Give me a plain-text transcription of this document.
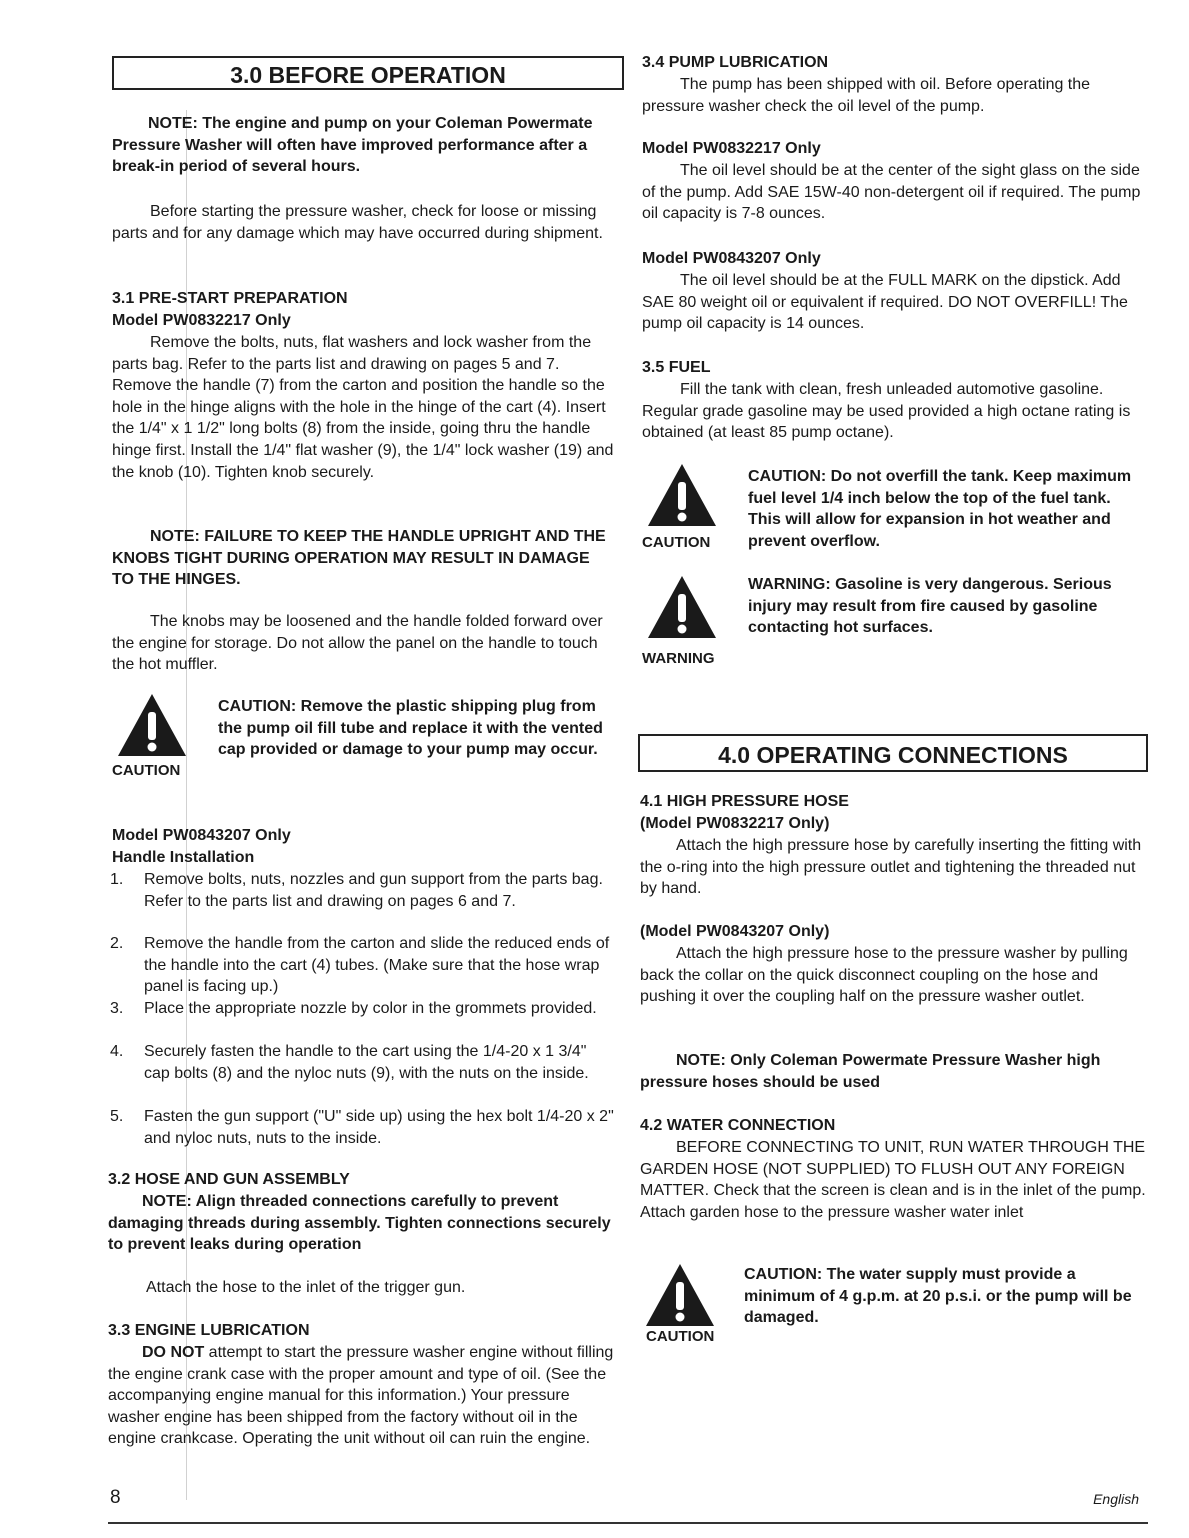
3.0 BEFORE OPERATION

NOTE: The engine and pump on your Coleman Powermate Pressure Washer will often have improved performance after a break-in period of several hours.

Before starting the pressure washer, check for loose or missing parts and for any damage which may have occurred during shipment.

3.1 PRE-START PREPARATION

Model PW0832217 Only

Remove the bolts, nuts, flat washers and lock washer from the parts bag. Refer to the parts list and drawing on pages 5 and 7. Remove the handle (7) from the carton and position the handle so the hole in the hinge aligns with the hole in the hinge of the cart (4). Insert the 1/4" x 1 1/2" long bolts (8) from the inside, going thru the handle hinge first. Install the 1/4" flat washer (9), the 1/4" lock washer (19) and the knob (10). Tighten knob securely.

NOTE: FAILURE TO KEEP THE HANDLE UPRIGHT AND THE KNOBS TIGHT DURING OPERATION MAY RESULT IN DAMAGE TO THE HINGES.

The knobs may be loosened and the handle folded forward over the engine for storage. Do not allow the panel on the handle to touch the hot muffler.

CAUTION
CAUTION: Remove the plastic shipping plug from the pump oil fill tube and replace it with the vented cap provided or damage to your pump may occur.

Model PW0843207 Only

Handle Installation

1. Remove bolts, nuts, nozzles and gun support from the parts bag. Refer to the parts list and drawing on pages 6 and 7.
2. Remove the handle from the carton and slide the reduced ends of the handle into the cart (4) tubes. (Make sure that the hose wrap panel is facing up.)
3. Place the appropriate nozzle by color in the grommets provided.
4. Securely fasten the handle to the cart using the 1/4-20 x 1 3/4" cap bolts (8) and the nyloc nuts (9), with the nuts on the inside.
5. Fasten the gun support ("U" side up) using the hex bolt 1/4-20 x 2" and nyloc nuts, nuts to the inside.

3.2 HOSE AND GUN ASSEMBLY

NOTE: Align threaded connections carefully to prevent damaging threads during assembly. Tighten connections securely to prevent leaks during operation

Attach the hose to the inlet of the trigger gun.

3.3 ENGINE LUBRICATION

DO NOT attempt to start the pressure washer engine without filling the engine crank case with the proper amount and type of oil. (See the accompanying engine manual for this information.) Your pressure washer engine has been shipped from the factory without oil in the engine crankcase. Operating the unit without oil can ruin the engine.

3.4 PUMP LUBRICATION

The pump has been shipped with oil. Before operating the pressure washer check the oil level of the pump.

Model PW0832217 Only

The oil level should be at the center of the sight glass on the side of the pump. Add SAE 15W-40 non-detergent oil if required. The pump oil capacity is 7-8 ounces.

Model PW0843207 Only

The oil level should be at the FULL MARK on the dipstick. Add SAE 80 weight oil or equivalent if required. DO NOT OVERFILL! The pump oil capacity is 14 ounces.

3.5 FUEL

Fill the tank with clean, fresh unleaded automotive gasoline. Regular grade gasoline may be used provided a high octane rating is obtained (at least 85 pump octane).

CAUTION
CAUTION: Do not overfill the tank. Keep maximum fuel level 1/4 inch below the top of the fuel tank. This will allow for expansion in hot weather and prevent overflow.
WARNING
WARNING: Gasoline is very dangerous. Serious injury may result from fire caused by gasoline contacting hot surfaces.
4.0 OPERATING CONNECTIONS

4.1 HIGH PRESSURE HOSE

(Model PW0832217 Only)

Attach the high pressure hose by carefully inserting the fitting with the o-ring into the high pressure outlet and tightening the threaded nut by hand.

(Model PW0843207 Only)

Attach the high pressure hose to the pressure washer by pulling back the collar on the quick disconnect coupling on the hose and pushing it over the coupling half on the pressure washer outlet.

NOTE: Only Coleman Powermate Pressure Washer high pressure hoses should be used

4.2 WATER CONNECTION

BEFORE CONNECTING TO UNIT, RUN WATER THROUGH THE GARDEN HOSE (NOT SUPPLIED) TO FLUSH OUT ANY FOREIGN MATTER. Check that the screen is clean and is in the inlet of the pump. Attach garden hose to the pressure washer water inlet

CAUTION
CAUTION: The water supply must provide a minimum of 4 g.p.m. at 20 p.s.i. or the pump will be damaged.
8	English
